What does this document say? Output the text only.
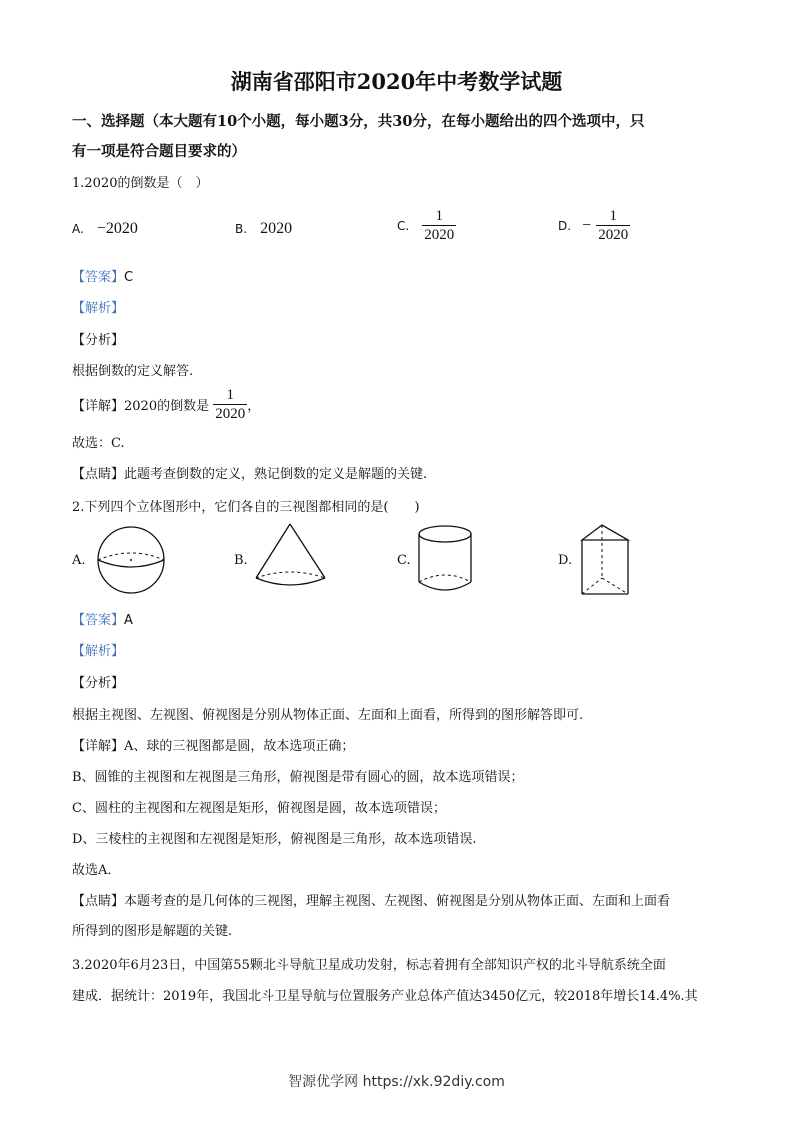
湖南省邵阳市2020年中考数学试题
一、选择题（本大题有10个小题，每小题3分，共30分，在每小题给出的四个选项中，只
有一项是符合题目要求的）
1.2020的倒数是（　）
A. −2020	B. 2020	C. $\frac{1}{2020}$	D. − $\frac{1}{2020}$
【答案】C
【解析】
【分析】
根据倒数的定义解答.
【详解】2020的倒数是 $\frac{1}{2020}$ ，
故选：C.
【点睛】此题考查倒数的定义，熟记倒数的定义是解题的关键.
2.下列四个立体图形中，它们各自的三视图都相同的是(　　)
A.	B.	C.	D.
【答案】A
【解析】
【分析】
根据主视图、左视图、俯视图是分别从物体正面、左面和上面看，所得到的图形解答即可.
【详解】A、球的三视图都是圆，故本选项正确；
B、圆锥的主视图和左视图是三角形，俯视图是带有圆心的圆，故本选项错误；
C、圆柱的主视图和左视图是矩形，俯视图是圆，故本选项错误；
D、三棱柱的主视图和左视图是矩形，俯视图是三角形，故本选项错误.
故选A．
【点睛】本题考查的是几何体的三视图，理解主视图、左视图、俯视图是分别从物体正面、左面和上面看
所得到的图形是解题的关键.
3.2020年6月23日，中国第55颗北斗导航卫星成功发射，标志着拥有全部知识产权的北斗导航系统全面
建成．据统计：2019年，我国北斗卫星导航与位置服务产业总体产值达3450亿元，较2018年增长14.4%.其
智源优学网 https://xk.92diy.com
